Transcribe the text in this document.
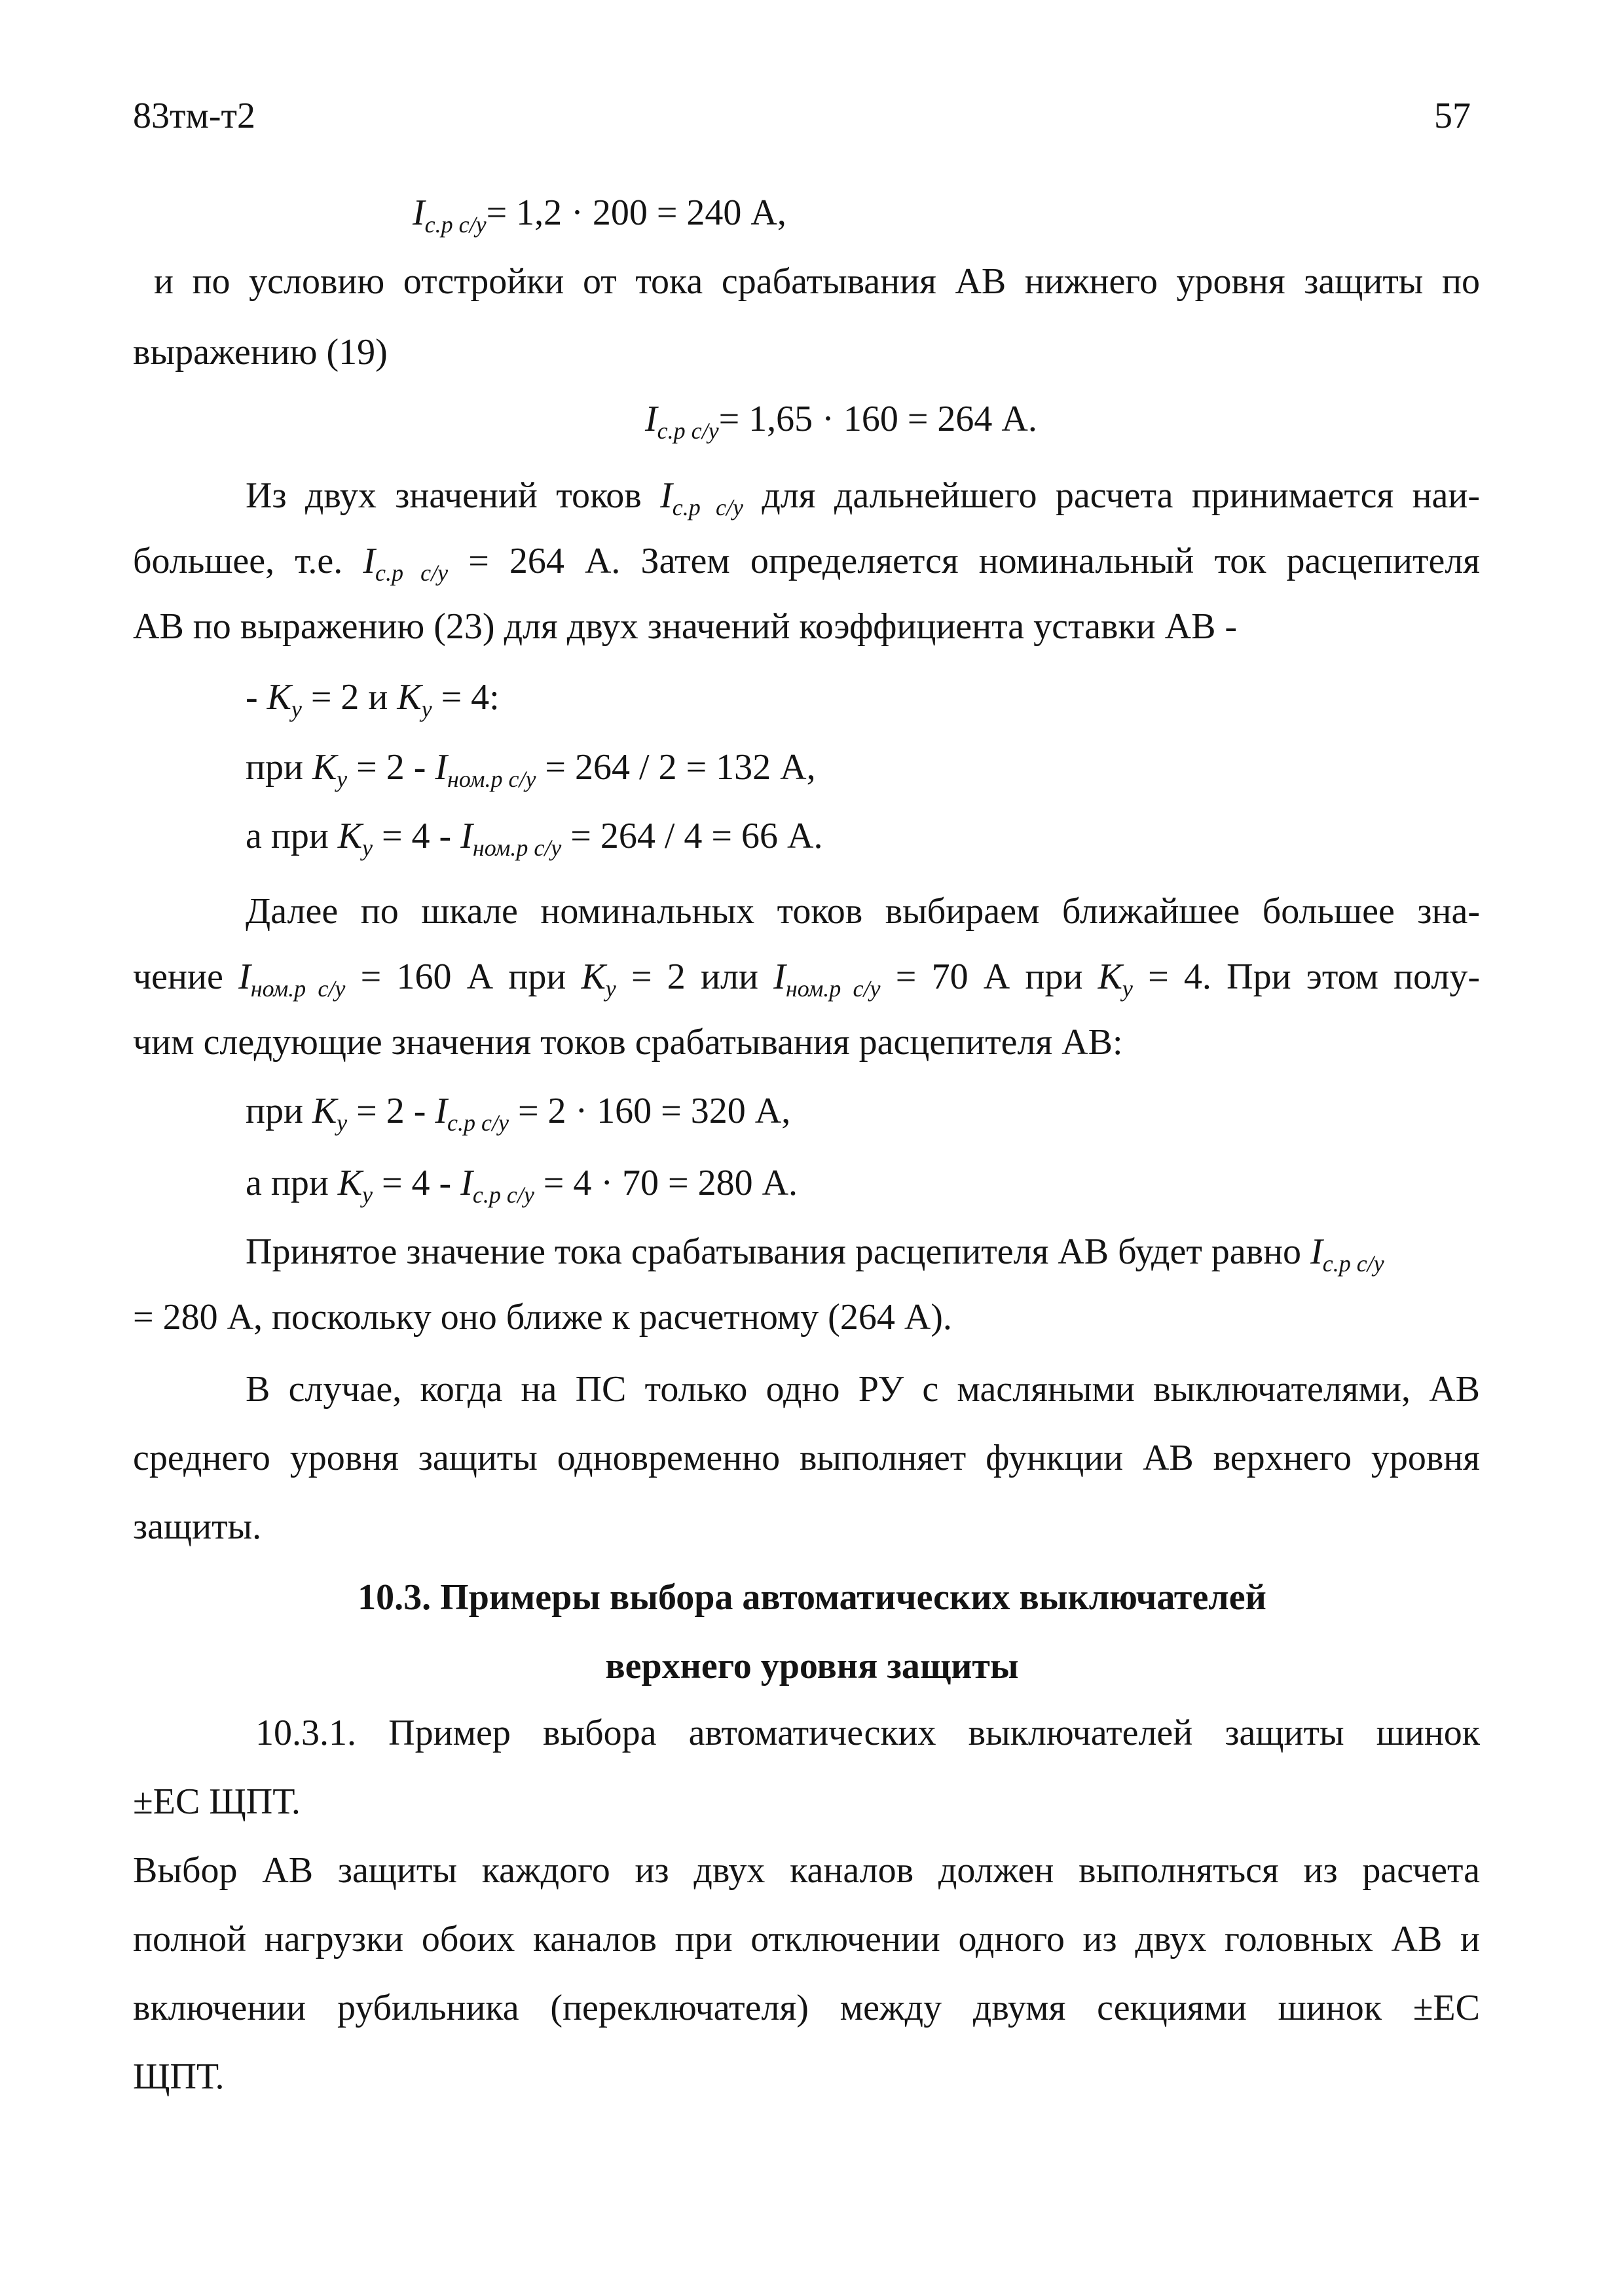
83тм-т2	57
$I_{с.р с/у}= 1,2 \cdot 200 = 240$ А,
и по условию отстройки от тока срабатывания АВ нижнего уровня защиты по
выражению (19)
$I_{с.р с/у}= 1,65 \cdot 160 = 264$ А.
Из двух значений токов $I_{с.р с/у}$ для дальнейшего расчета принимается наи-
большее, т.е. $I_{с.р с/у} = 264$ А. Затем определяется номинальный ток расцепителя
АВ по выражению (23) для двух значений коэффициента уставки АВ -
- $К_у = 2$ и $К_у = 4$:
при $К_у = 2 - I_{ном.р с/у} = 264 / 2 = 132$ А,
а при $К_у = 4 - I_{ном.р с/у} = 264 / 4 = 66$ А.
Далее по шкале номинальных токов выбираем ближайшее большее зна-
чение $I_{ном.р с/у} = 160$ А при $К_у = 2$ или $I_{ном.р с/у} = 70$ А при $К_у = 4$. При этом полу-
чим следующие значения токов срабатывания расцепителя АВ:
при $К_у = 2 - I_{с.р с/у} = 2 \cdot 160 = 320$ А,
а при $К_у = 4 - I_{с.р с/у} = 4 \cdot 70 = 280$ А.
Принятое значение тока срабатывания расцепителя АВ будет равно $I_{с.р с/у}$
= 280 А, поскольку оно ближе к расчетному (264 А).
В случае, когда на ПС только одно РУ с масляными выключателями, АВ
среднего уровня защиты одновременно выполняет функции АВ верхнего уровня
защиты.
10.3. Примеры выбора автоматических выключателей
верхнего уровня защиты
10.3.1. Пример выбора автоматических выключателей защиты шинок
±ЕС ЩПТ.
Выбор АВ защиты каждого из двух каналов должен выполняться из расчета
полной нагрузки обоих каналов при отключении одного из двух головных АВ и
включении рубильника (переключателя) между двумя секциями шинок ±ЕС
ЩПТ.
